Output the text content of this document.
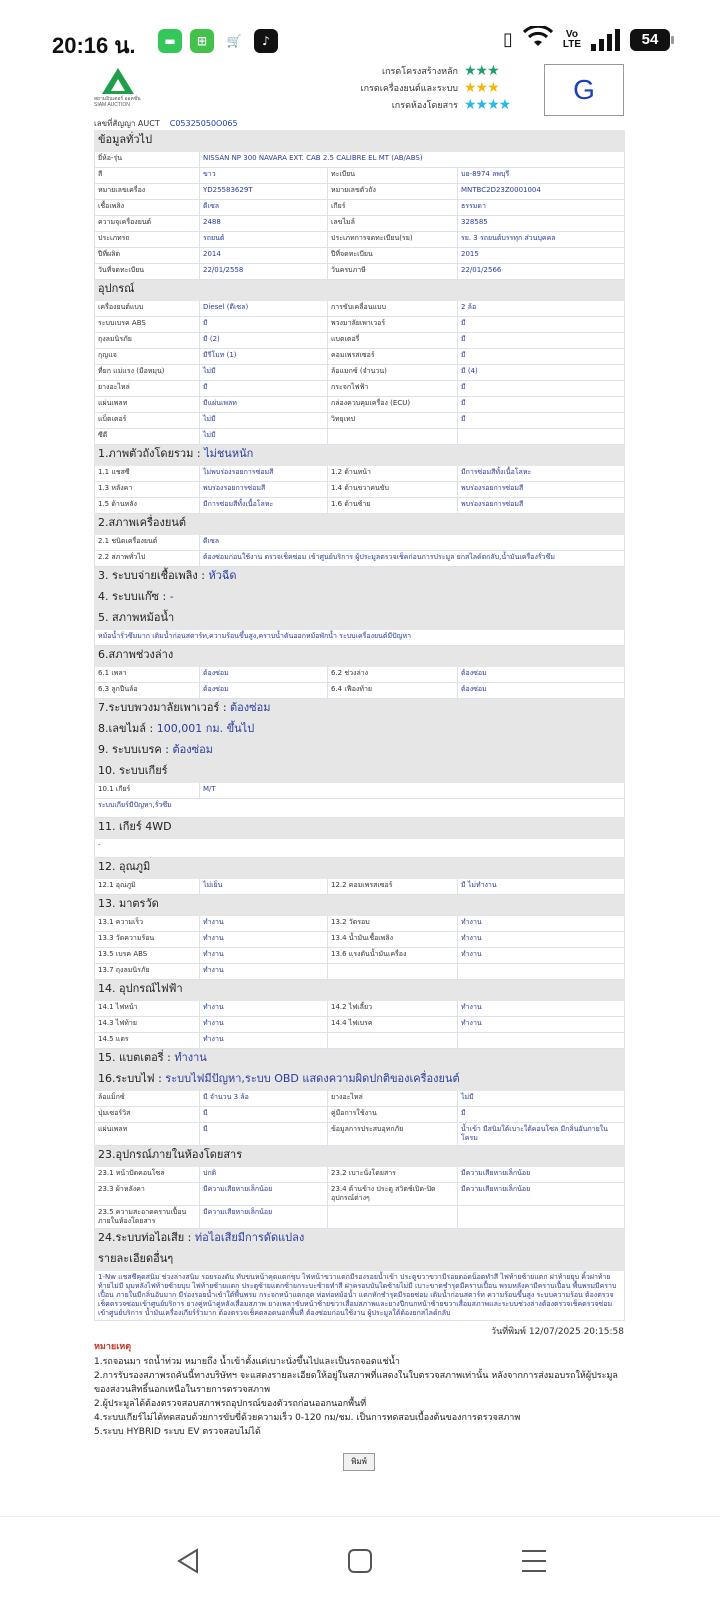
20:16 น.	▬	⊞	🛒	♪	▯	Vo
LTE	54
สยามอินเตอร์ ออคชั่น
SIAM AUCTION
เกรดโครงสร้างหลัก ★★★
เกรดเครื่องยนต์และระบบ ★★★
เกรดห้องโดยสาร ★★★★	G
เลขที่สัญญา AUCT C05325050O065
ข้อมูลทั่วไป			
ยี่ห้อ-รุ่น	NISSAN NP 300 NAVARA EXT. CAB 2.5 CALIBRE EL MT (AB/ABS)		
สี	ขาว	ทะเบียน	บย-8974 ลพบุรี
หมายเลขเครื่อง	YD25583629T	หมายเลขตัวถัง	MNTBC2D23Z0001004
เชื้อเพลิง	ดีเซล	เกียร์	ธรรมดา
ความจุเครื่องยนต์	2488	เลขไมล์	328585
ประเภทรถ	รถยนต์	ประเภทการจดทะเบียน(รย)	รย. 3 รถยนต์บรรทุก ส่วนบุคคล
ปีที่ผลิต	2014	ปีที่จดทะเบียน	2015
วันที่จดทะเบียน	22/01/2558	วันครบภาษี	22/01/2566
อุปกรณ์			
เครื่องยนต์แบบ	Diesel (ดีเซล)	การขับเคลื่อนแบบ	2 ล้อ
ระบบเบรค ABS	มี	พวงมาลัยเพาเวอร์	มี
ถุงลมนิรภัย	มี (2)	แบตเตอรี่	มี
กุญแจ	มีรีโมท (1)	คอมเพรสเซอร์	มี
ที่ยก แม่แรง (มือหมุน)	ไม่มี	ล้อแมกซ์ (จำนวน)	มี (4)
ยางอะไหล่	มี	กระจกไฟฟ้า	มี
แผ่นเพลท	มีแผ่นเพลท	กล่องควบคุมเครื่อง (ECU)	มี
แบ็ตเตอร์	ไม่มี	วิทยุเทป	มี
ซีดี	ไม่มี		
1.ภาพตัวถังโดยรวม : ไม่ชนหนัก			
1.1 แชสซี	ไม่พบร่องรอยการซ่อมสี	1.2 ด้านหน้า	มีการซ่อมสีทั้งเนื้อโลหะ
1.3 หลังคา	พบร่องรอยการซ่อมสี	1.4 ด้านขวาคนขับ	พบร่องรอยการซ่อมสี
1.5 ด้านหลัง	มีการซ่อมสีทั้งเนื้อโลหะ	1.6 ด้านซ้าย	พบร่องรอยการซ่อมสี
2.สภาพเครื่องยนต์			
2.1 ชนิดเครื่องยนต์	ดีเซล		
2.2 สภาพทั่วไป	ต้องซ่อมก่อนใช้งาน ตรวจเช็คซ่อม เข้าศูนย์บริการ ผู้ประมูลตรวจเช็คก่อนการประมูล ยกสไลด์ตกลับ,น้ำมันเครื่องรั่วซึม		
3. ระบบจ่ายเชื้อเพลิง : หัวฉีด			
4. ระบบแก๊ซ : -			
5. สภาพหม้อน้ำ			
หม้อน้ำรั่วซึมมาก เติมน้ำก่อนสตาร์ท,ความร้อนขึ้นสูง,คราบน้ำดันออกหม้อพักน้ำ ระบบเครื่องยนต์มีปัญหา			
6.สภาพช่วงล่าง			
6.1 เพลา	ต้องซ่อม	6.2 ช่วงล่าง	ต้องซ่อม
6.3 ลูกปืนล้อ	ต้องซ่อม	6.4 เฟืองท้าย	ต้องซ่อม
7.ระบบพวงมาลัยเพาเวอร์ : ต้องซ่อม			
8.เลขไมล์ : 100,001 กม. ขึ้นไป			
9. ระบบเบรค : ต้องซ่อม			
10. ระบบเกียร์			
10.1 เกียร์	M/T		
ระบบเกียร์มีปัญหา,รั่วซึม			
11. เกียร์ 4WD			
-			
12. อุณภูมิ			
12.1 อุณภูมิ	ไม่เย็น	12.2 คอมเพรสเซอร์	มี ไม่ทำงาน
13. มาตรวัด			
13.1 ความเร็ว	ทำงาน	13.2 วัดรอบ	ทำงาน
13.3 วัดความร้อน	ทำงาน	13.4 น้ำมันเชื้อเพลิง	ทำงาน
13.5 เบรค ABS	ทำงาน	13.6 แรงดันน้ำมันเครื่อง	ทำงาน
13.7 ถุงลมนิรภัย	ทำงาน		
14. อุปกรณ์ไฟฟ้า			
14.1 ไฟหน้า	ทำงาน	14.2 ไฟเลี้ยว	ทำงาน
14.3 ไฟท้าย	ทำงาน	14.4 ไฟเบรค	ทำงาน
14.5 แตร	ทำงาน		
15. แบตเตอรี่ : ทำงาน			
16.ระบบไฟ : ระบบไฟมีปัญหา,ระบบ OBD แสดงความผิดปกติของเครื่องยนต์			
ล้อแม็กซ์	มี จำนวน 3 ล้อ	ยางอะไหล่	ไม่มี
ปุ่มเซอร์วิส	มี	คู่มือการใช้งาน	มี
แผ่นเพลท	มี	ข้อมูลการประสบอุทกภัย	น้ำเข้า มีสนิมใต้เบาะใต้คอนโซล มีกลิ่นอับภายในโครม
23.อุปกรณ์ภายในห้องโดยสาร			
23.1 หน้าปัดคอนโซล	ปกติ	23.2 เบาะนั่งโดยสาร	มีความเสียหายเล็กน้อย
23.3 ผ้าหลังคา	มีความเสียหายเล็กน้อย	23.4 ด้านข้าง ประตู สวิตช์เปิด-ปิด อุปกรณ์ต่างๆ	มีความเสียหายเล็กน้อย
23.5 ความสะอาดคราบเปื้อน ภายในห้องโดยสาร	มีความเสียหายเล็กน้อย		
24.ระบบท่อไอเสีย : ท่อไอเสียมีการดัดแปลง			
รายละเอียดอื่นๆ			
1-Nw แชสซีคุดสนิม ช่วงล่างสนิม รอยรองดัน ทับขนหน้าคุดแตกขุบ ไฟหน้าขวาแตกมีรองรอยน้ำเข้า ประตูขวาขวามีรอยตอดน็อตทำสี ไฟท้ายซ้ายแตก ฝาท้ายยุบ คิ้วฝาท้ายท้ายไม่มี มุมหลังไฟท้ายซ้ายบุบ ไฟท้ายซ้ายแตก ประตูซ้ายแตกซ้ายกระบะซ้ายทำสี ฝาครอบบันไดซ้ายไม่มี เบาะขาดชำรุดมีคราบเปื้อน พรมหลังคามีคราบเปื้อน พื้นพรมมีคราบเปื้อน ภายในมีกลิ่นอับมาก มีร่องรอยน้ำเข้าใต้พื้นพรม กระจกหน้าแตกอุด ท่อท่อหม้อน้ำ แตกหักชำรุดมีรอยซ่อม เติมน้ำก่อนสตาร์ท ความร้อนขึ้นสูง ระบบความร้อน ต้องตรวจเช็คตรวจซ่อมเข้าศูนย์บริการ ยางคู่หน้าคู่หลังเสื่อมสภาพ ยางเพลาขับหน้าซ้ายขวาเสื่อมสภาพและยางปีกนกหน้าซ้ายขวาเสื่อมสภาพและระบบช่วงล่างต้องตรวจเช็คตรวจซ่อมเข้าศูนย์บริการ น้ำมันเครื่องเกียร์รั่วมาก ต้องตรวจเช็คตลอดนอกพื้นที่ ต้องซ่อมก่อนใช้งาน ผู้ประมูลใต้ต้องยกสไลด์กลับ			
วันที่พิมพ์ 12/07/2025 20:15:58
หมายเหตุ
1.รถจอนมา รถน้ำท่วม หมายถึง น้ำเข้าตั้งแต่เบาะนั่งขึ้นไปและเป็นรถจอดแช่น้ำ
2.การรับรองสภาพรถคันนี้ทางบริษัทฯ จะแสดงรายละเอียดให้อยู่ในสภาพที่แสดงในใบตรวจสภาพเท่านั้น หลังจากการส่งมอบรถให้ผู้ประมูล ของสงวนสิทธิ์นอกเหนือในรายการตรวจสภาพ
2.ผู้ประมูลได้ต้องตรวจสอบสภาพรถอุปกรณ์ของตัวรถก่อนออกนอกพื้นที่
4.ระบบเกียร์ไม่ได้ทดสอบด้วยการขับขี่ด้วยความเร็ว 0-120 กม/ชม. เป็นการทดสอบเบื้องต้นของการตรวจสภาพ
5.ระบบ HYBRID ระบบ EV ตรวจสอบไม่ได้
พิมพ์
